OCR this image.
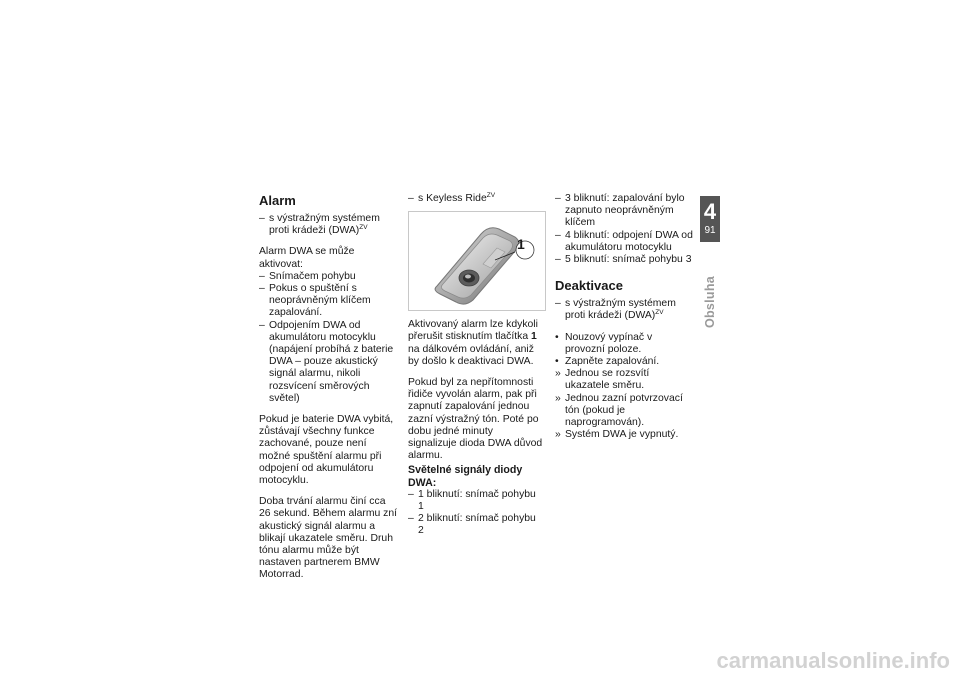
Alarm
– s výstražným systémem proti krádeži (DWA)$^{ZV}$

Alarm DWA se může aktivovat:

– Snímačem pohybu
– Pokus o spuštění s neoprávněným klíčem zapalování.
– Odpojením DWA od akumulátoru motocyklu (napájení probíhá z baterie DWA – pouze akustický signál alarmu, nikoli rozsvícení směrových světel)

Pokud je baterie DWA vybitá, zůstávají všechny funkce zachované, pouze není možné spuštění alarmu při odpojení od akumulátoru motocyklu.

Doba trvání alarmu činí cca 26 sekund. Během alarmu zní akustický signál alarmu a blikají ukazatele směru. Druh tónu alarmu může být nastaven partnerem BMW Motorrad.

– s Keyless Ride$^{ZV}$
1

Aktivovaný alarm lze kdykoli přerušit stisknutím tlačítka 1 na dálkovém ovládání, aniž by došlo k deaktivaci DWA.

Pokud byl za nepřítomnosti řidiče vyvolán alarm, pak při zapnutí zapalování jednou zazní výstražný tón. Poté po dobu jedné minuty signalizuje dioda DWA důvod alarmu.

Světelné signály diody DWA:
– 1 bliknutí: snímač pohybu 1
– 2 bliknutí: snímač pohybu 2
– 3 bliknutí: zapalování bylo zapnuto neoprávněným klíčem
– 4 bliknutí: odpojení DWA od akumulátoru motocyklu
– 5 bliknutí: snímač pohybu 3
Deaktivace
– s výstražným systémem proti krádeži (DWA)$^{ZV}$
• Nouzový vypínač v provozní poloze.
• Zapněte zapalování.
» Jednou se rozsvítí ukazatele směru.
» Jednou zazní potvrzovací tón (pokud je naprogramován).
» Systém DWA je vypnutý.
4
91
Obsluha
carmanualsonline.info
